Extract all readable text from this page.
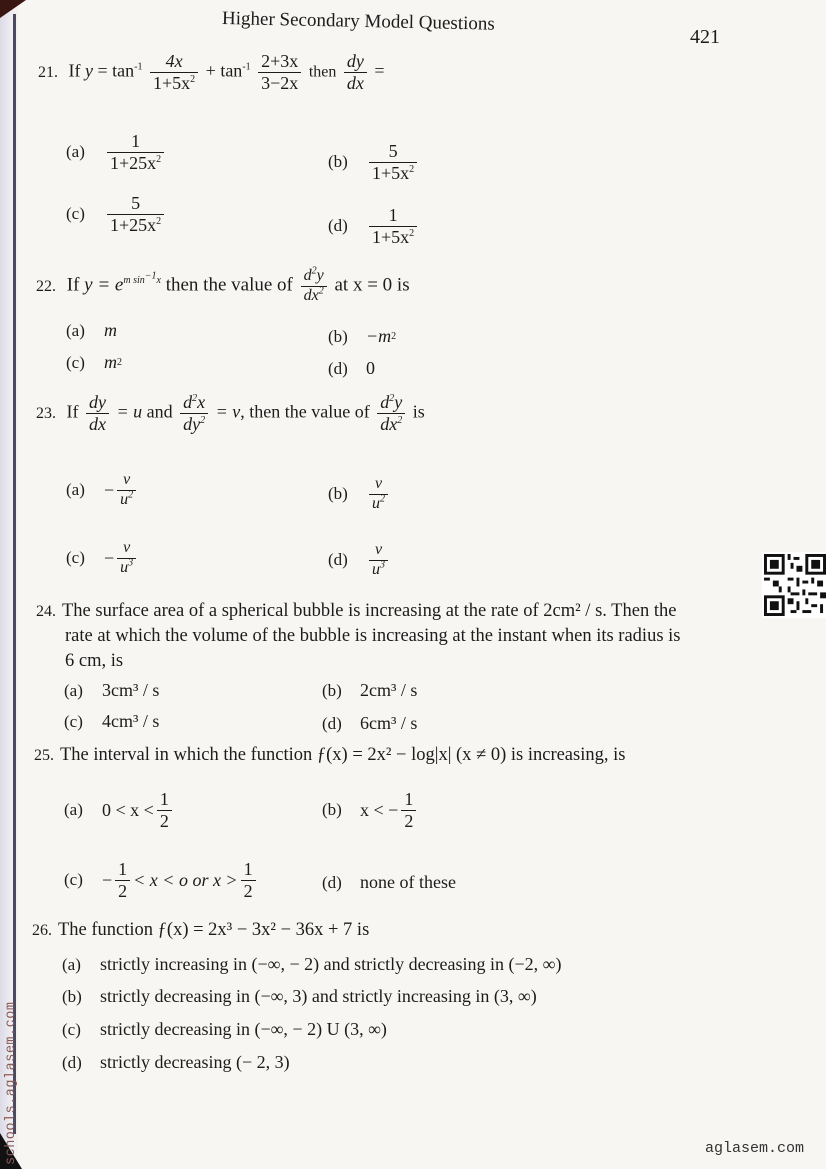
schools.aglasem.com	aglasem.com
Higher Secondary Model Questions
421
21. If $y = \tan^{-1} \frac{4x}{1+5x^2} + \tan^{-1} \frac{2+3x}{3-2x}$ then $\frac{dy}{dx}$ =
(a)	$\frac{1}{1+25x^2}$	(b)	$\frac{5}{1+5x^2}$
(c)	$\frac{5}{1+25x^2}$	(d)	$\frac{1}{1+5x^2}$
22. If $y = e^{m sin^{-1}x}$ then the value of $\frac{d^2y}{dx^2}$ at x = 0 is
(a)	m	(b)	−m 2
(c)	m 2	(d)	0
23. If $\frac{dy}{dx} = u$ and $\frac{d^2x}{dy^2} = v$, then the value of $\frac{d^2y}{dx^2}$ is
(a)	− $\frac{v}{u^2}$	(b)	$\frac{v}{u^2}$
(c)	− $\frac{v}{u^3}$	(d)	$\frac{v}{u^3}$
24. The surface area of a spherical bubble is increasing at the rate of 2cm² / s. Then the
rate at which the volume of the bubble is increasing at the instant when its radius is
6 cm, is
(a)	3cm³ / s	(b)	2cm³ / s
(c)	4cm³ / s	(d)	6cm³ / s
25. The interval in which the function ƒ(x) = 2x² − log|x| (x ≠ 0) is increasing, is
(a)	$0 < x < \frac{1}{2}$	(b)	x < − $\frac{1}{2}$
(c)	− $\frac{1}{2} < x < o$ or $x > \frac{1}{2}$	(d)	none of these
26. The function ƒ(x) = 2x³ − 3x² − 36x + 7 is
(a)	strictly increasing in (−∞, − 2) and strictly decreasing in (−2, ∞)
(b)	strictly decreasing in (−∞, 3) and strictly increasing in (3, ∞)
(c)	strictly decreasing in (−∞, − 2) U (3, ∞)
(d)	strictly decreasing (− 2, 3)
